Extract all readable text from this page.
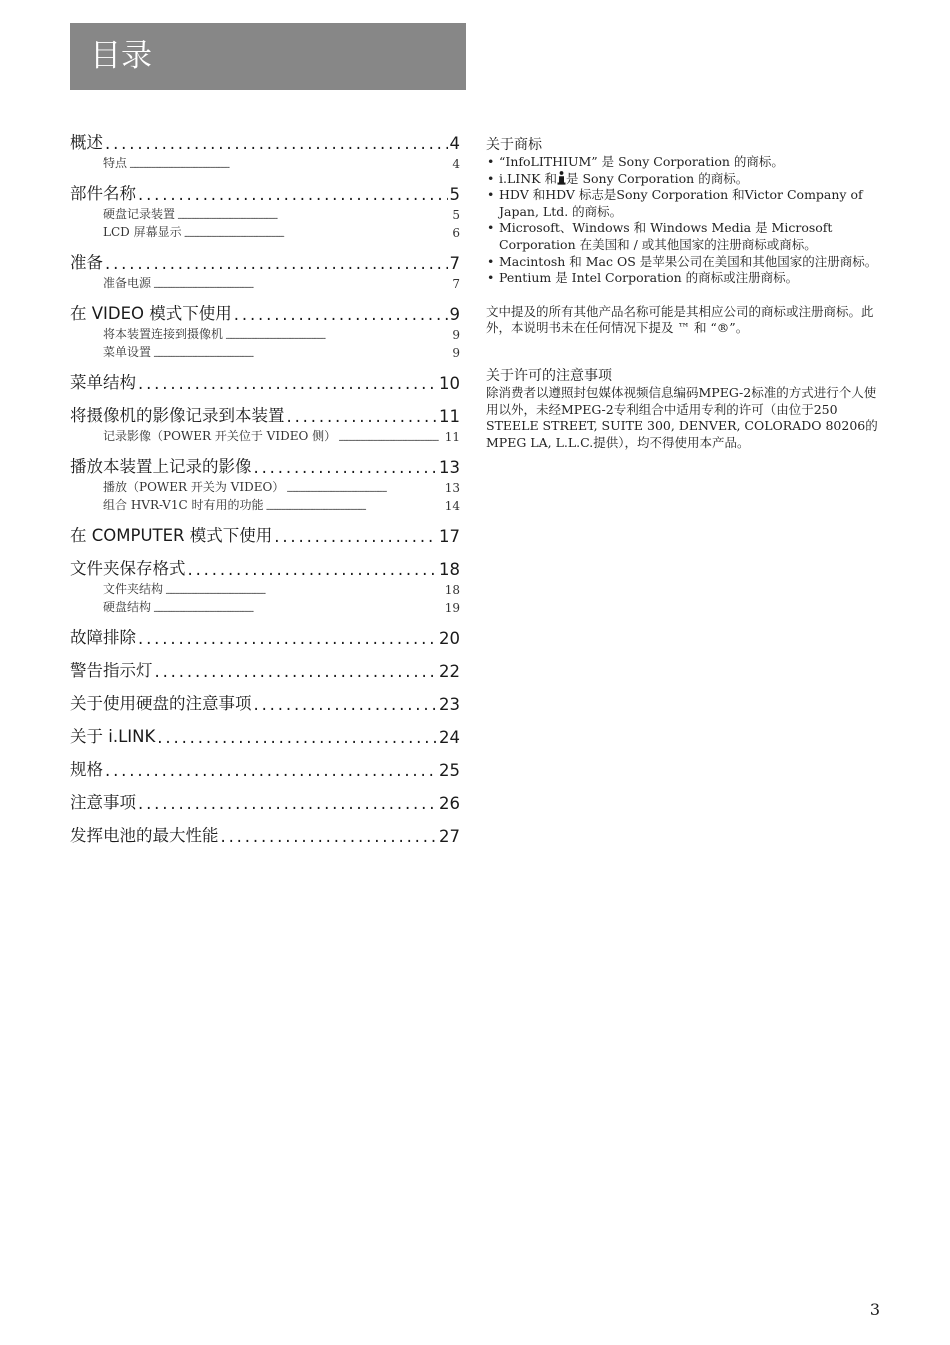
目录
概述 . . .	4
特点 . . .	4
部件名称 . . .	5
硬盘记录装置 . . .	5
LCD 屏幕显示 . . .	6
准备 . . .	7
准备电源 . . .	7
在 VIDEO 模式下使用 . . .	9
将本装置连接到摄像机 . . .	9
菜单设置 . . .	9
菜单结构 . . .	10
将摄像机的影像记录到本装置 . . .	11
记录影像（POWER 开关位于 VIDEO 侧） . . .	11
播放本装置上记录的影像 . . .	13
播放（POWER 开关为 VIDEO） . . .	13
组合 HVR-V1C 时有用的功能 . . .	14
在 COMPUTER 模式下使用 . . .	17
文件夹保存格式 . . .	18
文件夹结构 . . .	18
硬盘结构 . . .	19
故障排除 . . .	20
警告指示灯 . . .	22
关于使用硬盘的注意事项 . . .	23
关于 i.LINK . . .	24
规格 . . .	25
注意事项 . . .	26
发挥电池的最大性能 . . .	27
关于商标
• “InfoLITHIUM” 是 Sony Corporation 的商标。
• i.LINK 和 是 Sony Corporation 的商标。
• HDV 和HDV 标志是Sony Corporation 和Victor Company of Japan, Ltd. 的商标。
• Microsoft、Windows 和 Windows Media 是 Microsoft Corporation 在美国和 / 或其他国家的注册商标或商标。
• Macintosh 和 Mac OS 是苹果公司在美国和其他国家的注册商标。
• Pentium 是 Intel Corporation 的商标或注册商标。

文中提及的所有其他产品名称可能是其相应公司的商标或注册商标。此外，本说明书未在任何情况下提及 ™ 和 “®”。

关于许可的注意事项

除消费者以遵照封包媒体视频信息编码MPEG-2标准的方式进行个人使用以外，未经MPEG-2专利组合中适用专利的许可（由位于250 STEELE STREET, SUITE 300, DENVER, COLORADO 80206的MPEG LA, L.L.C.提供），均不得使用本产品。

3
